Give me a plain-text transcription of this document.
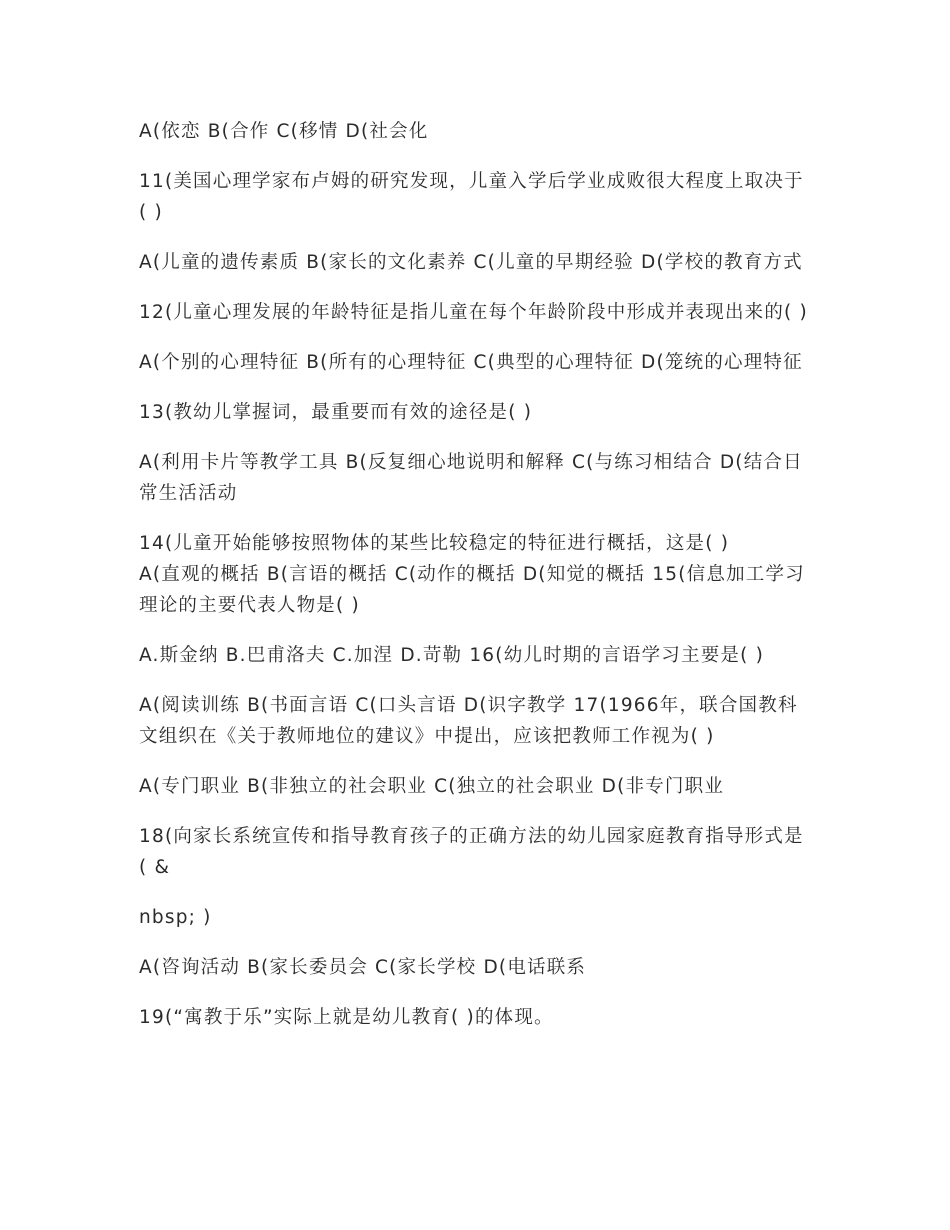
A(依恋 B(合作 C(移情 D(社会化

11(美国心理学家布卢姆的研究发现，儿童入学后学业成败很大程度上取决于( )

A(儿童的遗传素质 B(家长的文化素养 C(儿童的早期经验 D(学校的教育方式

12(儿童心理发展的年龄特征是指儿童在每个年龄阶段中形成并表现出来的( )

A(个别的心理特征 B(所有的心理特征 C(典型的心理特征 D(笼统的心理特征

13(教幼儿掌握词，最重要而有效的途径是( )

A(利用卡片等教学工具 B(反复细心地说明和解释 C(与练习相结合 D(结合日常生活活动

14(儿童开始能够按照物体的某些比较稳定的特征进行概括，这是( )

A(直观的概括 B(言语的概括 C(动作的概括 D(知觉的概括 15(信息加工学习理论的主要代表人物是( )

A.斯金纳 B.巴甫洛夫 C.加涅 D.苛勒 16(幼儿时期的言语学习主要是( )

A(阅读训练 B(书面言语 C(口头言语 D(识字教学 17(1966年，联合国教科文组织在《关于教师地位的建议》中提出，应该把教师工作视为( )

A(专门职业 B(非独立的社会职业 C(独立的社会职业 D(非专门职业

18(向家长系统宣传和指导教育孩子的正确方法的幼儿园家庭教育指导形式是( &

nbsp; )

A(咨询活动 B(家长委员会 C(家长学校 D(电话联系

19(“寓教于乐”实际上就是幼儿教育( )的体现。
